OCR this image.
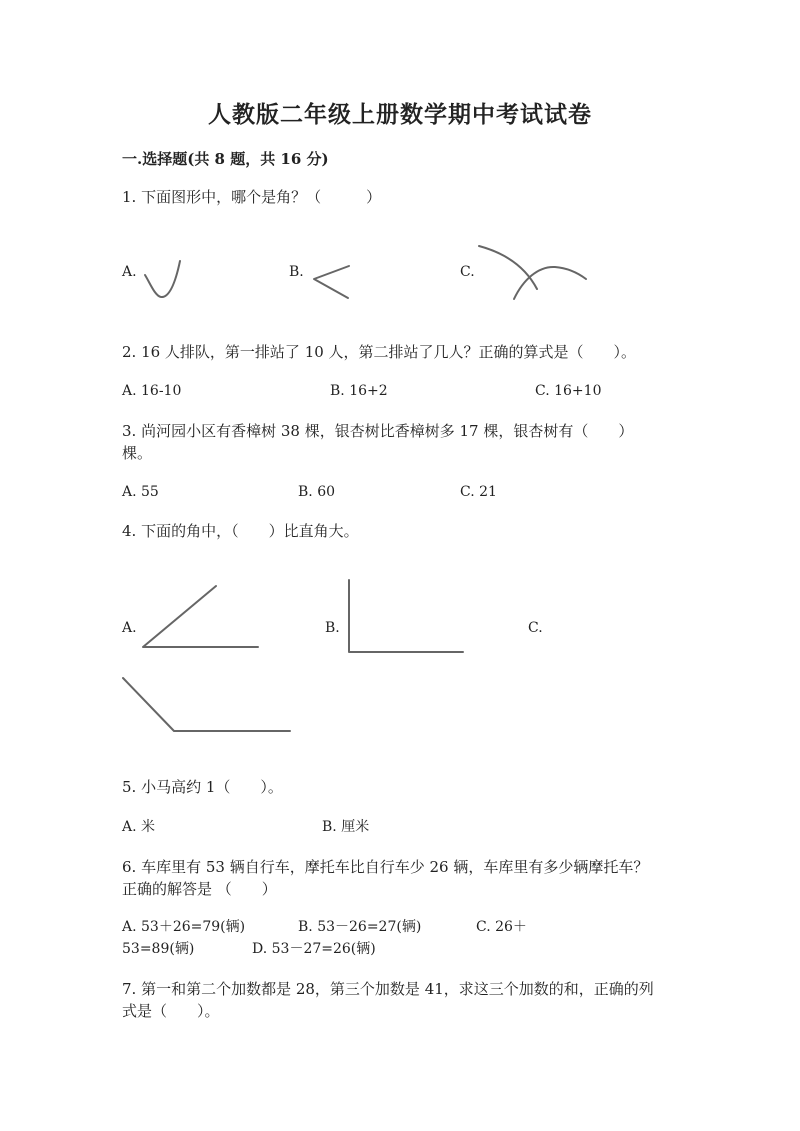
人教版二年级上册数学期中考试试卷
一.选择题(共 8 题，共 16 分)
1. 下面图形中，哪个是角？（　　　）
A.	B.	C.
2. 16 人排队，第一排站了 10 人，第二排站了几人？正确的算式是（　　）。
A. 16-10	B. 16+2	C. 16+10
3. 尚河园小区有香樟树 38 棵，银杏树比香樟树多 17 棵，银杏树有（　　）
棵。
A. 55	B. 60	C. 21
4. 下面的角中，（　　）比直角大。
A.	B.	C.
5. 小马高约 1（　　）。
A. 米	B. 厘米
6. 车库里有 53 辆自行车，摩托车比自行车少 26 辆，车库里有多少辆摩托车？
正确的解答是 （　　）
A. 53＋26=79(辆)	B. 53－26=27(辆)	C. 26＋
53=89(辆)	D. 53－27=26(辆)
7. 第一和第二个加数都是 28，第三个加数是 41，求这三个加数的和，正确的列
式是（　　）。
